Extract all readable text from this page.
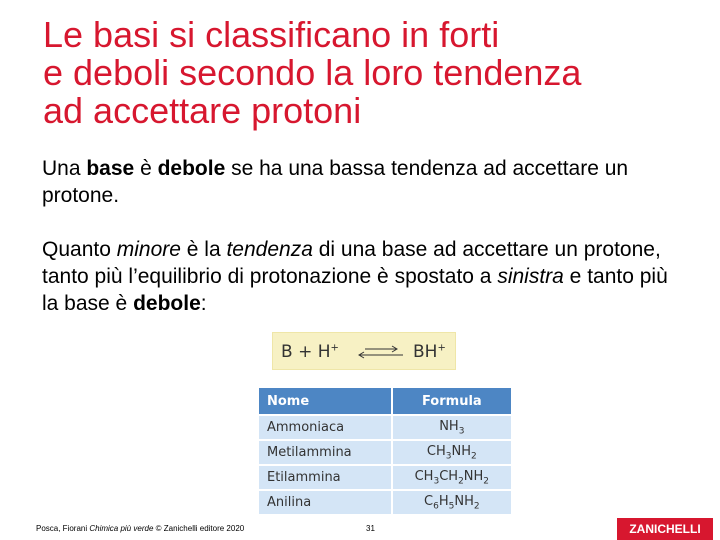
Le basi si classificano in forti
e deboli secondo la loro tendenza
ad accettare protoni

Una base è debole se ha una bassa tendenza ad accettare un protone.

Quanto minore è la tendenza di una base ad accettare un protone, tanto più l’equilibrio di protonazione è spostato a sinistra e tanto più la base è debole:

B + H+ ⇌ BH+
Nome	Formula
Ammoniaca	$NH_3$
Metilammina	$CH_3NH_2$
Etilammina	$CH_3CH_2NH_2$
Anilina	$C_6H_5NH_2$
Posca, Fiorani Chimica più verde © Zanichelli editore 2020	31	ZANICHELLI
